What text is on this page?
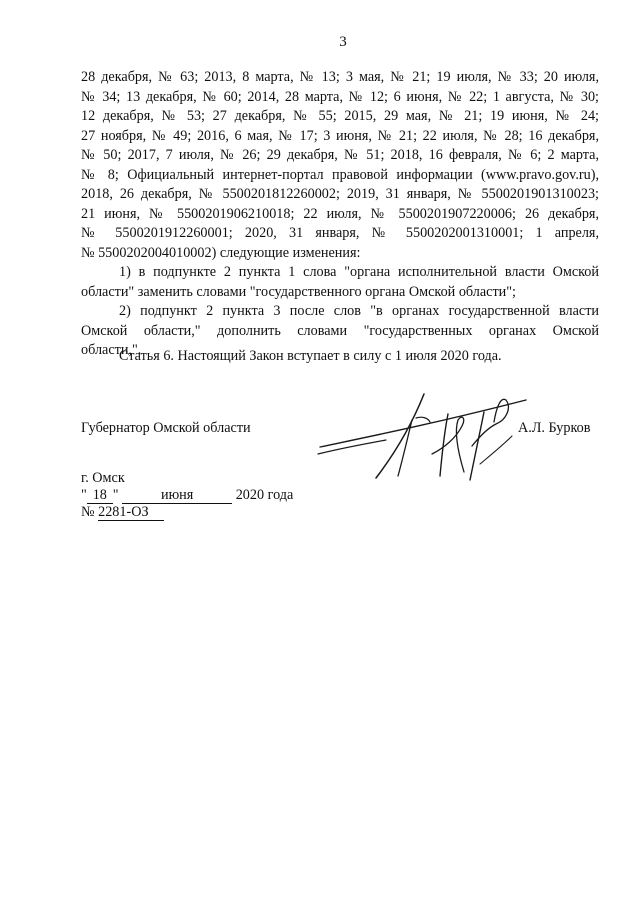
3
28 декабря, № 63; 2013, 8 марта, № 13; 3 мая, № 21; 19 июля, № 33; 20 июля,
№ 34; 13 декабря, № 60; 2014, 28 марта, № 12; 6 июня, № 22; 1 августа, № 30;
12 декабря, № 53; 27 декабря, № 55; 2015, 29 мая, № 21; 19 июня, № 24;
27 ноября, № 49; 2016, 6 мая, № 17; 3 июня, № 21; 22 июля, № 28; 16 декабря,
№ 50; 2017, 7 июля, № 26; 29 декабря, № 51; 2018, 16 февраля, № 6; 2 марта,
№ 8; Официальный интернет-портал правовой информации (www.pravo.gov.ru),
2018, 26 декабря, № 5500201812260002; 2019, 31 января, № 5500201901310023;
21 июня, № 5500201906210018; 22 июля, № 5500201907220006; 26 декабря,
№ 5500201912260001; 2020, 31 января, № 5500202001310001; 1 апреля,
№ 5500202004010002) следующие изменения:
1) в подпункте 2 пункта 1 слова "органа исполнительной власти Омской
области" заменить словами "государственного органа Омской области";
2) подпункт 2 пункта 3 после слов "в органах государственной власти
Омской области," дополнить словами "государственных органах Омской
области,".
Статья 6. Настоящий Закон вступает в силу с 1 июля 2020 года.
Губернатор Омской области	А.Л. Бурков
г. Омск
" 18 "	июня	2020 года
№ 2281-ОЗ
